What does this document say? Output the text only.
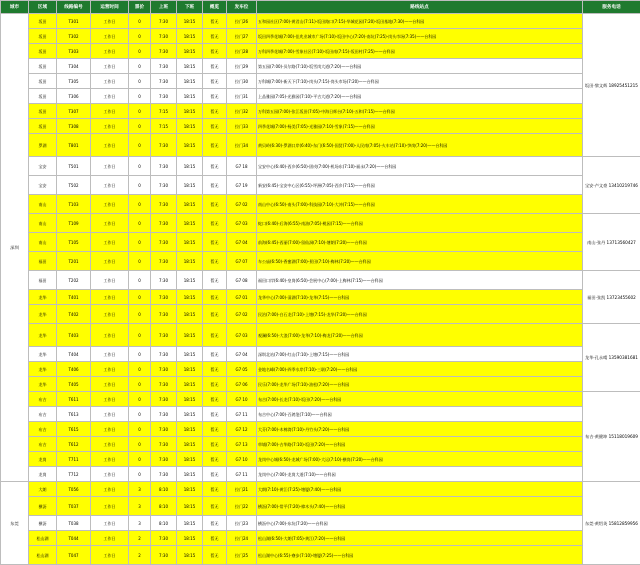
城市	区域	线路编号	运营时间	票价	上班	下班	概览	发车位	路线站点	服务电话
深圳	坂田	T301	工作日	0	7:30	18:15	暂无	拉门26	五和园社区(7:00)-黄君山(7:11)-坂田路口(7:15)-华城花园(7:20)-坂田基地(7:30)——台科园	坂田·黎文辉 18925451215
	坂田	T302	工作日	0	7:30	18:15	暂无	拉门27	坂田四季花城(7:00)-佳兆业城市广场(7:10)-坂田中心(7:20)-南坑(7:25)-岗头市场(7:35)——台科园	
	坂田	T303	工作日	0	7:30	18:15	暂无	拉门28	万科四季花城(7:00)-雪象社区(7:10)-坂田南(7:15)-坂田村(7:25)——台科园	
	坂田	T304	工作日	0	7:30	18:15	暂无	拉门29	第五园(7:00)-贝尔路(7:10)-坂雪岗大道(7:20)——台科园	
	坂田	T305	工作日	0	7:30	18:15	暂无	拉门30	万科城(7:00)-新天下(7:10)-岗头(7:15)-岗头市场(7:20)——台科园	
	坂田	T306	工作日	0	7:30	18:15	暂无	拉门31	上品雅园(7:05)-光雅园(7:10)-平吉大道(7:20)——台科园	
	坂田	T307	工作日	0	7:15	18:15	暂无	拉门32	万科第五园(7:00)-张江坂田(7:05)-中海日辉台(7:10)-五和(7:15)——台科园	
	坂田	T308	工作日	0	7:15	18:15	暂无	拉门33	四季花城(7:00)-杨美(7:05)-光雅园(7:10)-雪象(7:15)——台科园	
	罗湖	T801	工作日	0	7:30	18:15	暂无	拉门34	黄贝岭(6:30)-罗湖口岸(6:40)-东门(6:50)-国贸(7:00)-人民南(7:05)-火车站(7:10)-笋岗(7:20)——台科园	
	宝安	T501	工作日	0	7:30	18:15	暂无	G7 18	宝安中心(6:40)-西乡(6:50)-固戍(7:00)-机场东(7:10)-福永(7:20)——台科园	宝安·卢文豪 13410219746
	宝安	T502	工作日	0	7:30	18:15	暂无	G7 19	新安(6:45)-宝安中心区(6:55)-坪洲(7:05)-西乡(7:15)——台科园	
	南山	T103	工作日	0	7:30	18:15	暂无	G7 02	南山中心(6:50)-南头(7:00)-科技园(7:10)-大冲(7:15)——台科园	
	南山	T109	工作日	0	7:30	18:15	暂无	G7 03	蛇口(6:40)-后海(6:55)-南油(7:05)-桃园(7:15)——台科园	南山·张丹 13713560427
	南山	T105	工作日	0	7:30	18:15	暂无	G7 04	前海(6:45)-西丽(7:00)-留仙洞(7:10)-塘朗(7:20)——台科园	
	福田	T201	工作日	0	7:30	18:15	暂无	G7 07	车公庙(6:50)-香蜜湖(7:00)-景田(7:10)-梅林(7:20)——台科园	
	福田	T202	工作日	0	7:30	18:15	暂无	G7 08	福田口岸(6:40)-皇岗(6:50)-会展中心(7:00)-上梅林(7:15)——台科园	福田·张凯 13723455602
	龙华	T401	工作日	0	7:30	18:15	暂无	G7 01	龙华中心(7:00)-清湖(7:10)-龙华(7:15)——台科园	
	龙华	T402	工作日	0	7:30	18:15	暂无	G7 02	民治(7:00)-白石龙(7:10)-上塘(7:15)-龙华(7:20)——台科园	
	龙华	T403	工作日	0	7:30	18:15	暂无	G7 03	观澜(6:50)-大浪(7:00)-龙华(7:10)-梅龙(7:20)——台科园	龙华·孔永晴 13590381681
	龙华	T404	工作日	0	7:30	18:15	暂无	G7 04	深圳北站(7:00)-红山(7:10)-上塘(7:15)——台科园	
	龙华	T406	工作日	0	7:30	18:15	暂无	G7 05	金地名峰(7:00)-四季水岸(7:10)-三联(7:20)——台科园	
	龙华	T405	工作日	0	7:30	18:15	暂无	G7 06	民乐(7:00)-龙华广场(7:10)-油松(7:20)——台科园	
	布吉	T611	工作日	0	7:30	18:15	暂无	G7 10	布吉(7:00)-长龙(7:10)-坂田(7:20)——台科园	布吉·黄健坤 15118019609
	布吉	T613	工作日	0	7:30	18:15	暂无	G7 11	布吉中心(7:00)-百鸽笼(7:10)——台科园	
	布吉	T615	工作日	0	7:30	18:15	暂无	G7 12	大芬(7:00)-木棉湾(7:10)-丹竹头(7:20)——台科园	
	布吉	T612	工作日	0	7:30	18:15	暂无	G7 13	草埔(7:00)-吉华路(7:10)-坂田(7:20)——台科园	
	龙岗	T711	工作日	0	7:30	18:15	暂无	G7 10	龙岗中心城(6:50)-龙城广场(7:00)-大运(7:10)-横岗(7:20)——台科园	
	龙岗	T712	工作日	0	7:30	18:15	暂无	G7 11	龙岗中心(7:00)-龙岗大道(7:10)——台科园	
东莞	大朗	T056	工作日	3	8:10	18:15	暂无	拉门21	大朗(7:10)-黄江(7:25)-塘厦(7:40)——台科园	东莞·黄绍英 15812859956
	横沥	T037	工作日	3	8:10	18:15	暂无	拉门22	横沥(7:00)-常平(7:20)-樟木头(7:40)——台科园	
	横沥	T038	工作日	3	8:10	18:15	暂无	拉门23	横沥中心(7:00)-东坑(7:20)——台科园	
	松山湖	T044	工作日	2	7:30	18:15	暂无	拉门24	松山湖(6:50)-大朗(7:05)-黄江(7:20)——台科园	
	松山湖	T047	工作日	2	7:30	18:15	暂无	拉门25	松山湖中心(6:55)-寮步(7:10)-塘厦(7:25)——台科园	
